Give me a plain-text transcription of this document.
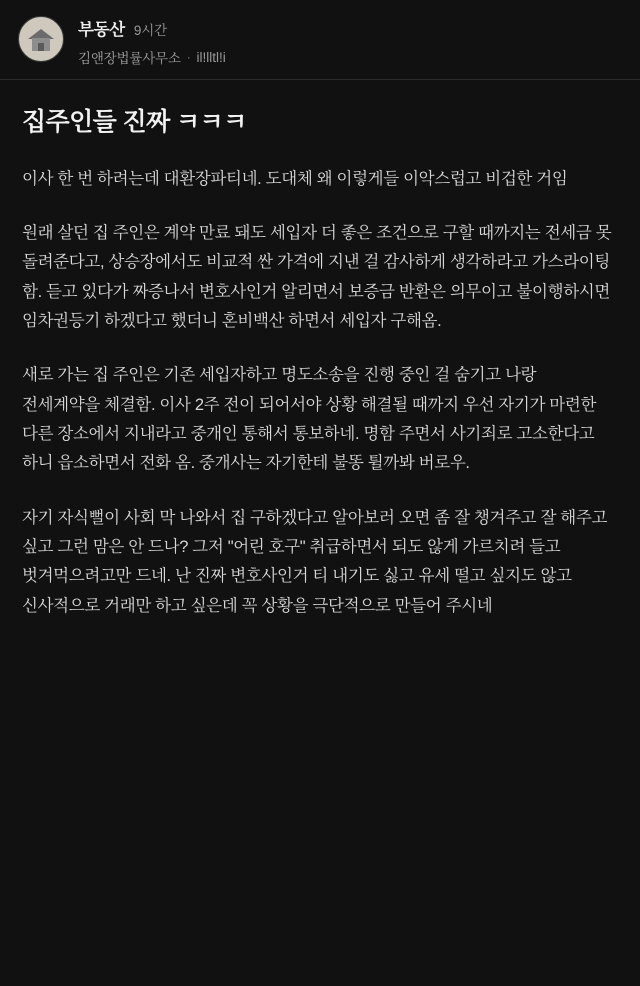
부동산 9시간
김앤장법률사무소 · il!lltl!i
집주인들 진짜 ㅋㅋㅋ

이사 한 번 하려는데 대환장파티네. 도대체 왜 이렇게들 이악스럽고 비겁한 거임

원래 살던 집 주인은 계약 만료 돼도 세입자 더 좋은 조건으로 구할 때까지는 전세금 못 돌려준다고, 상승장에서도 비교적 싼 가격에 지낸 걸 감사하게 생각하라고 가스라이팅 함. 듣고 있다가 짜증나서 변호사인거 알리면서 보증금 반환은 의무이고 불이행하시면 임차권등기 하겠다고 했더니 혼비백산 하면서 세입자 구해옴.

새로 가는 집 주인은 기존 세입자하고 명도소송을 진행 중인 걸 숨기고 나랑 전세계약을 체결함. 이사 2주 전이 되어서야 상황 해결될 때까지 우선 자기가 마련한 다른 장소에서 지내라고 중개인 통해서 통보하네. 명함 주면서 사기죄로 고소한다고 하니 읍소하면서 전화 옴. 중개사는 자기한테 불똥 튈까봐 버로우.

자기 자식뻘이 사회 막 나와서 집 구하겠다고 알아보러 오면 좀 잘 챙겨주고 잘 해주고 싶고 그런 맘은 안 드나? 그저 "어린 호구" 취급하면서 되도 않게 가르치려 들고 벗겨먹으려고만 드네. 난 진짜 변호사인거 티 내기도 싫고 유세 떨고 싶지도 않고 신사적으로 거래만 하고 싶은데 꼭 상황을 극단적으로 만들어 주시네
